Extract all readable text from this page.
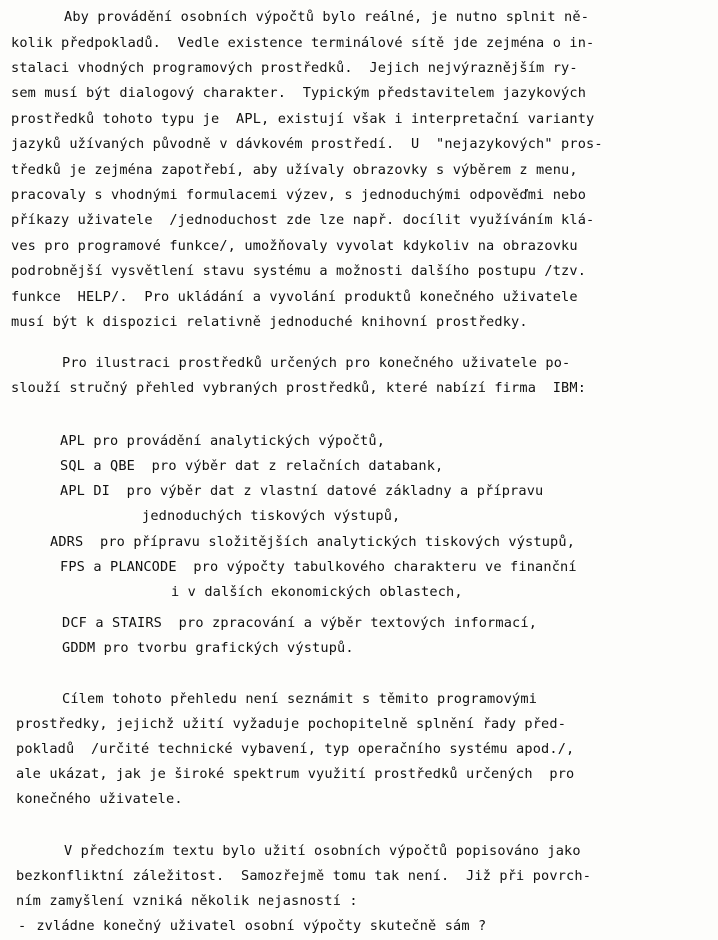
Aby provádění osobních výpočtů bylo reálné, je nutno splnit ně-
kolik předpokladů.  Vedle existence terminálové sítě jde zejména o in-
stalaci vhodných programových prostředků.  Jejich nejvýraznějším ry-
sem musí být dialogový charakter.  Typickým představitelem jazykových
prostředků tohoto typu je  APL, existují však i interpretační varianty
jazyků užívaných původně v dávkovém prostředí.  U  "nejazykových" pros-
tředků je zejména zapotřebí, aby užívaly obrazovky s výběrem z menu,
pracovaly s vhodnými formulacemi výzev, s jednoduchými odpověďmi nebo
příkazy uživatele  /jednoduchost zde lze např. docílit využíváním klá-
ves pro programové funkce/, umožňovaly vyvolat kdykoliv na obrazovku
podrobnější vysvětlení stavu systému a možnosti dalšího postupu /tzv.
funkce  HELP/.  Pro ukládání a vyvolání produktů konečného uživatele
musí být k dispozici relativně jednoduché knihovní prostředky.
Pro ilustraci prostředků určených pro konečného uživatele po-
slouží stručný přehled vybraných prostředků, které nabízí firma  IBM:
APL pro provádění analytických výpočtů,
SQL a QBE  pro výběr dat z relačních databank,
APL DI  pro výběr dat z vlastní datové základny a přípravu
jednoduchých tiskových výstupů,
ADRS  pro přípravu složitějších analytických tiskových výstupů,
FPS a PLANCODE  pro výpočty tabulkového charakteru ve finanční
i v dalších ekonomických oblastech,
DCF a STAIRS  pro zpracování a výběr textových informací,
GDDM pro tvorbu grafických výstupů.
Cílem tohoto přehledu není seznámit s těmito programovými
prostředky, jejichž užití vyžaduje pochopitelně splnění řady před-
pokladů  /určité technické vybavení, typ operačního systému apod./,
ale ukázat, jak je široké spektrum využití prostředků určených  pro
konečného uživatele.
V předchozím textu bylo užití osobních výpočtů popisováno jako
bezkonfliktní záležitost.  Samozřejmě tomu tak není.  Již při povrch-
ním zamyšlení vzniká několik nejasností :
- zvládne konečný uživatel osobní výpočty skutečně sám ?
